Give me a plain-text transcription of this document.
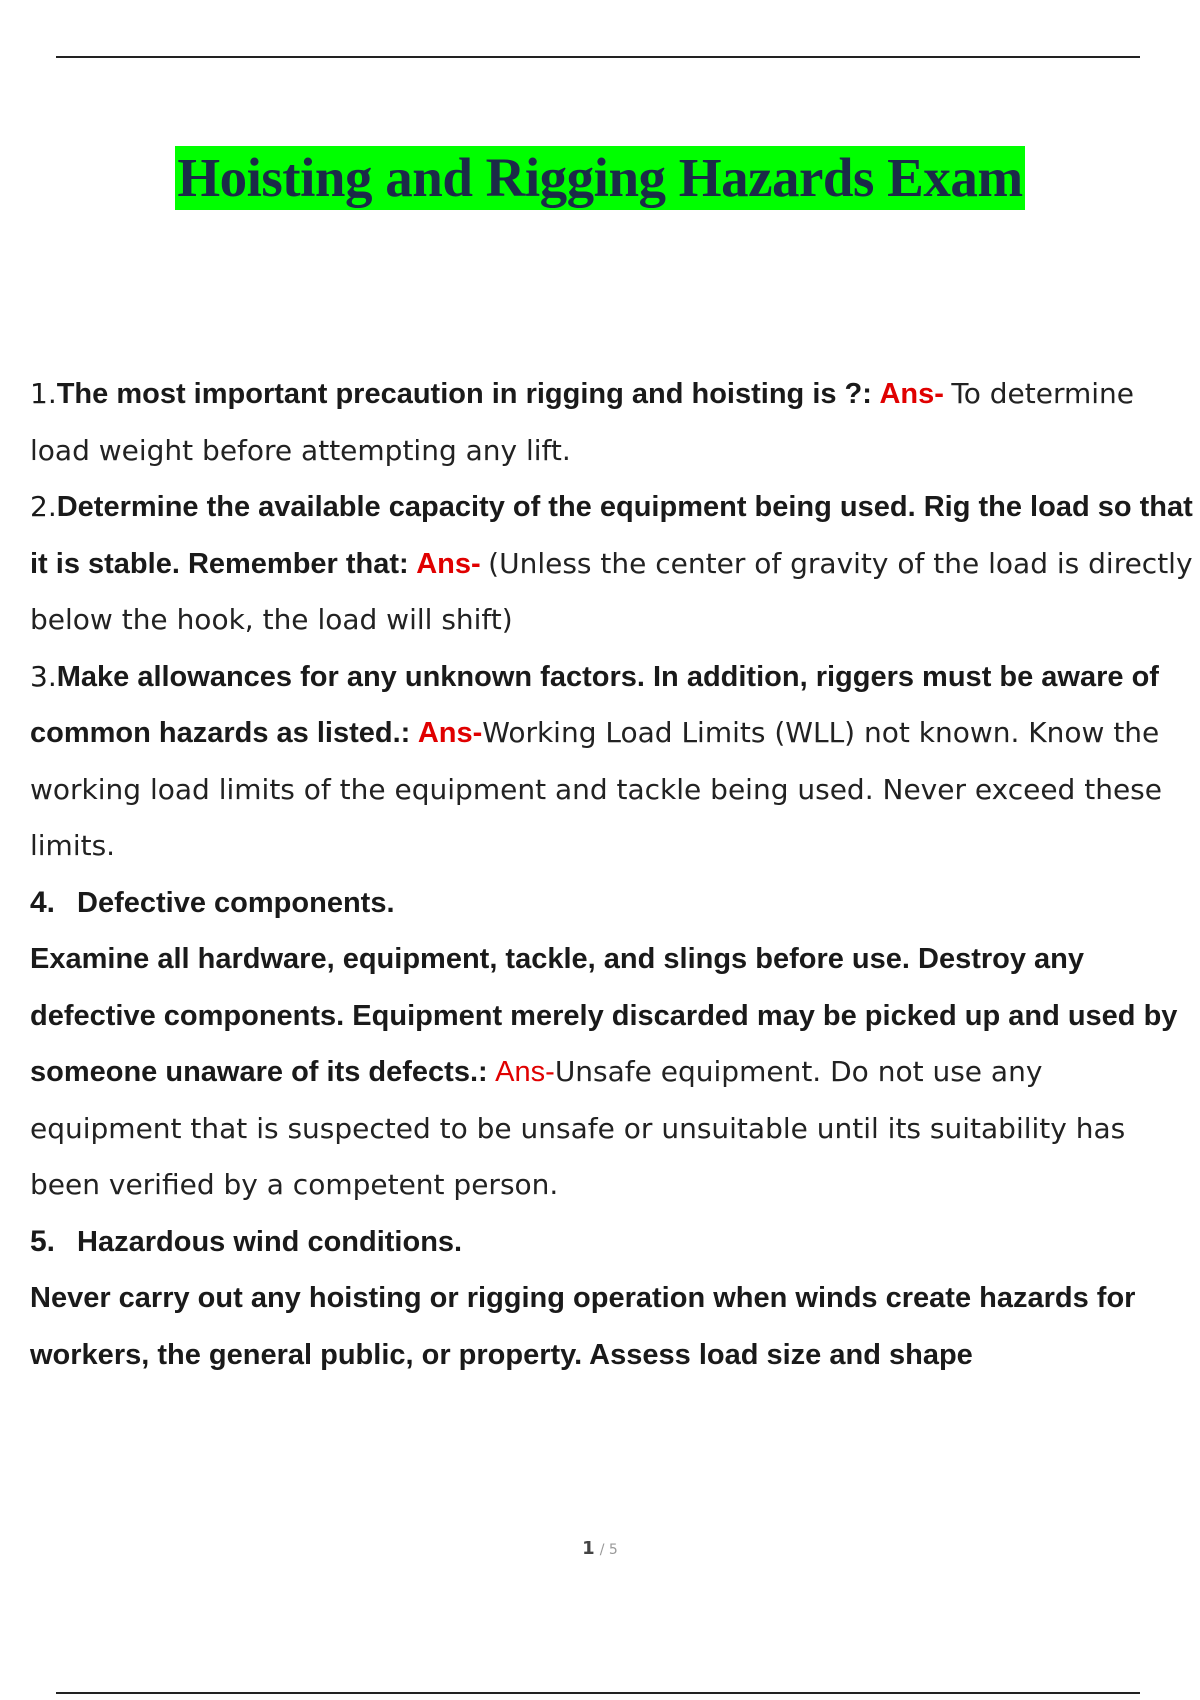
Hoisting and Rigging Hazards Exam

1.The most important precaution in rigging and hoisting is ?: Ans- To determine load weight before attempting any lift.

2.Determine the available capacity of the equipment being used. Rig the load so that it is stable. Remember that: Ans- (Unless the center of gravity of the load is directly below the hook, the load will shift)

3.Make allowances for any unknown factors. In addition, riggers must be aware of common hazards as listed.: Ans-Working Load Limits (WLL) not known. Know the working load limits of the equipment and tackle being used. Never exceed these limits.

4. Defective components.
Examine all hardware, equipment, tackle, and slings before use. Destroy any defective components. Equipment merely discarded may be picked up and used by someone unaware of its defects.: Ans-Unsafe equipment. Do not use any equipment that is suspected to be unsafe or unsuitable until its suitability has been verified by a competent person.

5. Hazardous wind conditions.
Never carry out any hoisting or rigging operation when winds create hazards for workers, the general public, or property. Assess load size and shape

1 / 5
